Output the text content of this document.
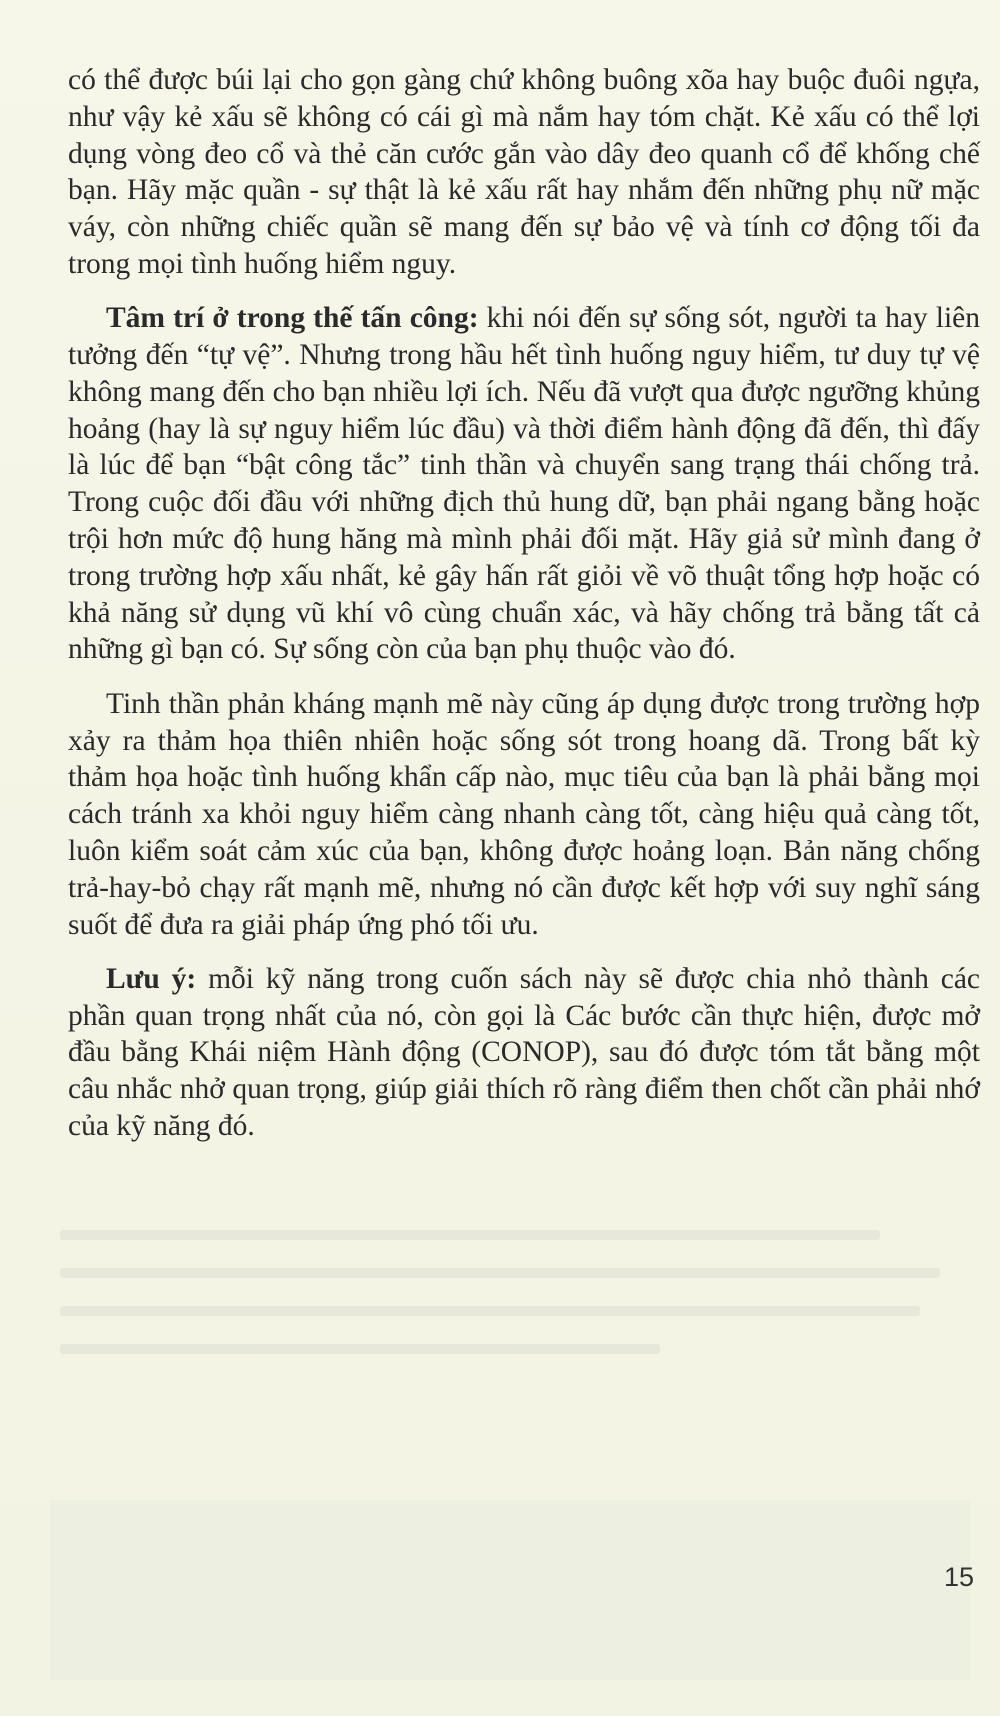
có thể được búi lại cho gọn gàng chứ không buông xõa hay buộc đuôi ngựa, như vậy kẻ xấu sẽ không có cái gì mà nắm hay tóm chặt. Kẻ xấu có thể lợi dụng vòng đeo cổ và thẻ căn cước gắn vào dây đeo quanh cổ để khống chế bạn. Hãy mặc quần - sự thật là kẻ xấu rất hay nhắm đến những phụ nữ mặc váy, còn những chiếc quần sẽ mang đến sự bảo vệ và tính cơ động tối đa trong mọi tình huống hiểm nguy.

Tâm trí ở trong thế tấn công: khi nói đến sự sống sót, người ta hay liên tưởng đến “tự vệ”. Nhưng trong hầu hết tình huống nguy hiểm, tư duy tự vệ không mang đến cho bạn nhiều lợi ích. Nếu đã vượt qua được ngưỡng khủng hoảng (hay là sự nguy hiểm lúc đầu) và thời điểm hành động đã đến, thì đấy là lúc để bạn “bật công tắc” tinh thần và chuyển sang trạng thái chống trả. Trong cuộc đối đầu với những địch thủ hung dữ, bạn phải ngang bằng hoặc trội hơn mức độ hung hăng mà mình phải đối mặt. Hãy giả sử mình đang ở trong trường hợp xấu nhất, kẻ gây hấn rất giỏi về võ thuật tổng hợp hoặc có khả năng sử dụng vũ khí vô cùng chuẩn xác, và hãy chống trả bằng tất cả những gì bạn có. Sự sống còn của bạn phụ thuộc vào đó.

Tinh thần phản kháng mạnh mẽ này cũng áp dụng được trong trường hợp xảy ra thảm họa thiên nhiên hoặc sống sót trong hoang dã. Trong bất kỳ thảm họa hoặc tình huống khẩn cấp nào, mục tiêu của bạn là phải bằng mọi cách tránh xa khỏi nguy hiểm càng nhanh càng tốt, càng hiệu quả càng tốt, luôn kiểm soát cảm xúc của bạn, không được hoảng loạn. Bản năng chống trả-hay-bỏ chạy rất mạnh mẽ, nhưng nó cần được kết hợp với suy nghĩ sáng suốt để đưa ra giải pháp ứng phó tối ưu.

Lưu ý: mỗi kỹ năng trong cuốn sách này sẽ được chia nhỏ thành các phần quan trọng nhất của nó, còn gọi là Các bước cần thực hiện, được mở đầu bằng Khái niệm Hành động (CONOP), sau đó được tóm tắt bằng một câu nhắc nhở quan trọng, giúp giải thích rõ ràng điểm then chốt cần phải nhớ của kỹ năng đó.

15
